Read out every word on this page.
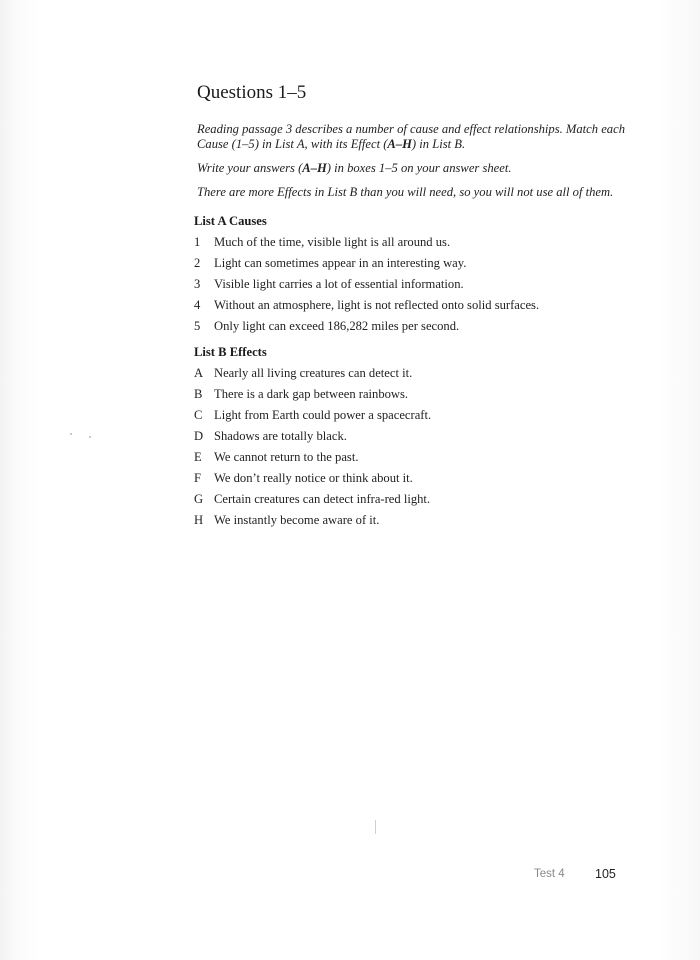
Questions 1–5

Reading passage 3 describes a number of cause and effect relationships. Match each Cause (1–5) in List A, with its Effect (A–H) in List B.

Write your answers (A–H) in boxes 1–5 on your answer sheet.

There are more Effects in List B than you will need, so you will not use all of them.

List A Causes
1	Much of the time, visible light is all around us.
2	Light can sometimes appear in an interesting way.
3	Visible light carries a lot of essential information.
4	Without an atmosphere, light is not reflected onto solid surfaces.
5	Only light can exceed 186,282 miles per second.
List B Effects
A Nearly all living creatures can detect it.
B There is a dark gap between rainbows.
C Light from Earth could power a spacecraft.
D Shadows are totally black.
E We cannot return to the past.
F	We don’t really notice or think about it.
G Certain creatures can detect infra-red light.
H We instantly become aware of it.
Test 4 105
